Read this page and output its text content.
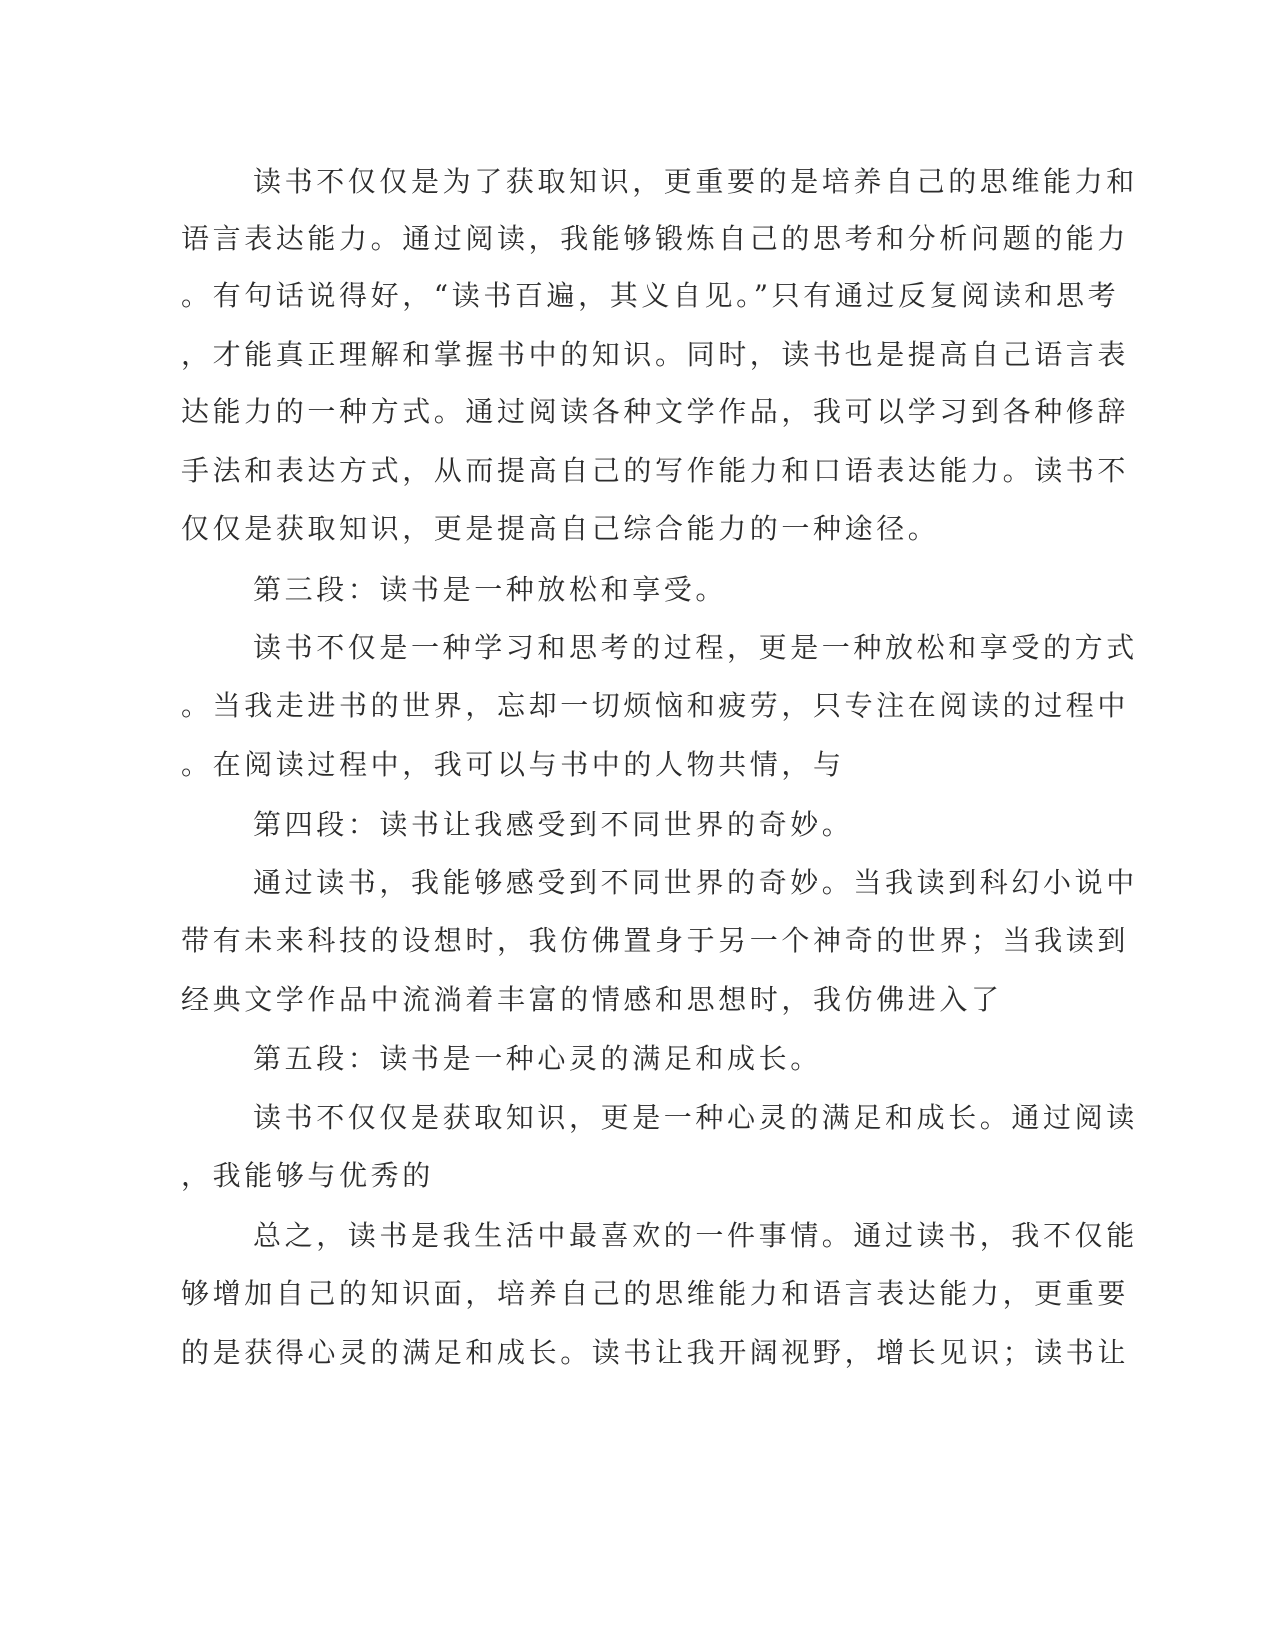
读书不仅仅是为了获取知识，更重要的是培养自己的思维能力和
语言表达能力。通过阅读，我能够锻炼自己的思考和分析问题的能力
。有句话说得好，“读书百遍，其义自见。”只有通过反复阅读和思考
，才能真正理解和掌握书中的知识。同时，读书也是提高自己语言表
达能力的一种方式。通过阅读各种文学作品，我可以学习到各种修辞
手法和表达方式，从而提高自己的写作能力和口语表达能力。读书不
仅仅是获取知识，更是提高自己综合能力的一种途径。
第三段：读书是一种放松和享受。
读书不仅是一种学习和思考的过程，更是一种放松和享受的方式
。当我走进书的世界，忘却一切烦恼和疲劳，只专注在阅读的过程中
。在阅读过程中，我可以与书中的人物共情，与
第四段：读书让我感受到不同世界的奇妙。
通过读书，我能够感受到不同世界的奇妙。当我读到科幻小说中
带有未来科技的设想时，我仿佛置身于另一个神奇的世界；当我读到
经典文学作品中流淌着丰富的情感和思想时，我仿佛进入了
第五段：读书是一种心灵的满足和成长。
读书不仅仅是获取知识，更是一种心灵的满足和成长。通过阅读
，我能够与优秀的
总之，读书是我生活中最喜欢的一件事情。通过读书，我不仅能
够增加自己的知识面，培养自己的思维能力和语言表达能力，更重要
的是获得心灵的满足和成长。读书让我开阔视野，增长见识；读书让
